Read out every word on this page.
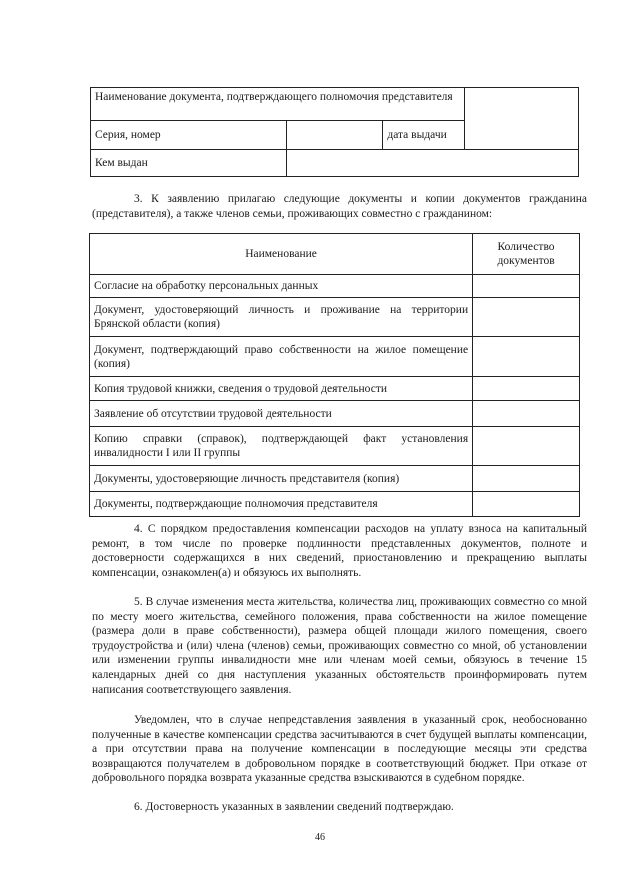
Наименование документа, подтверждающего полномочия представителя			
Серия, номер		дата выдачи	
Кем выдан			

3. К заявлению прилагаю следующие документы и копии документов гражданина (представителя), а также членов семьи, проживающих совместно с гражданином:

Наименование	Количество документов
Согласие на обработку персональных данных	
Документ, удостоверяющий личность и проживание на территории Брянской области (копия)	
Документ, подтверждающий право собственности на жилое помещение (копия)	
Копия трудовой книжки, сведения о трудовой деятельности	
Заявление об отсутствии трудовой деятельности	
Копию справки (справок), подтверждающей факт установления инвалидности I или II группы	
Документы, удостоверяющие личность представителя (копия)	
Документы, подтверждающие полномочия представителя	

4. С порядком предоставления компенсации расходов на уплату взноса на капитальный ремонт, в том числе по проверке подлинности представленных документов, полноте и достоверности содержащихся в них сведений, приостановлению и прекращению выплаты компенсации, ознакомлен(а) и обязуюсь их выполнять.

5. В случае изменения места жительства, количества лиц, проживающих совместно со мной по месту моего жительства, семейного положения, права собственности на жилое помещение (размера доли в праве собственности), размера общей площади жилого помещения, своего трудоустройства и (или) члена (членов) семьи, проживающих совместно со мной, об установлении или изменении группы инвалидности мне или членам моей семьи, обязуюсь в течение 15 календарных дней со дня наступления указанных обстоятельств проинформировать путем написания соответствующего заявления.

Уведомлен, что в случае непредставления заявления в указанный срок, необоснованно полученные в качестве компенсации средства засчитываются в счет будущей выплаты компенсации, а при отсутствии права на получение компенсации в последующие месяцы эти средства возвращаются получателем в добровольном порядке в соответствующий бюджет. При отказе от добровольного порядка возврата указанные средства взыскиваются в судебном порядке.

6. Достоверность указанных в заявлении сведений подтверждаю.

46
